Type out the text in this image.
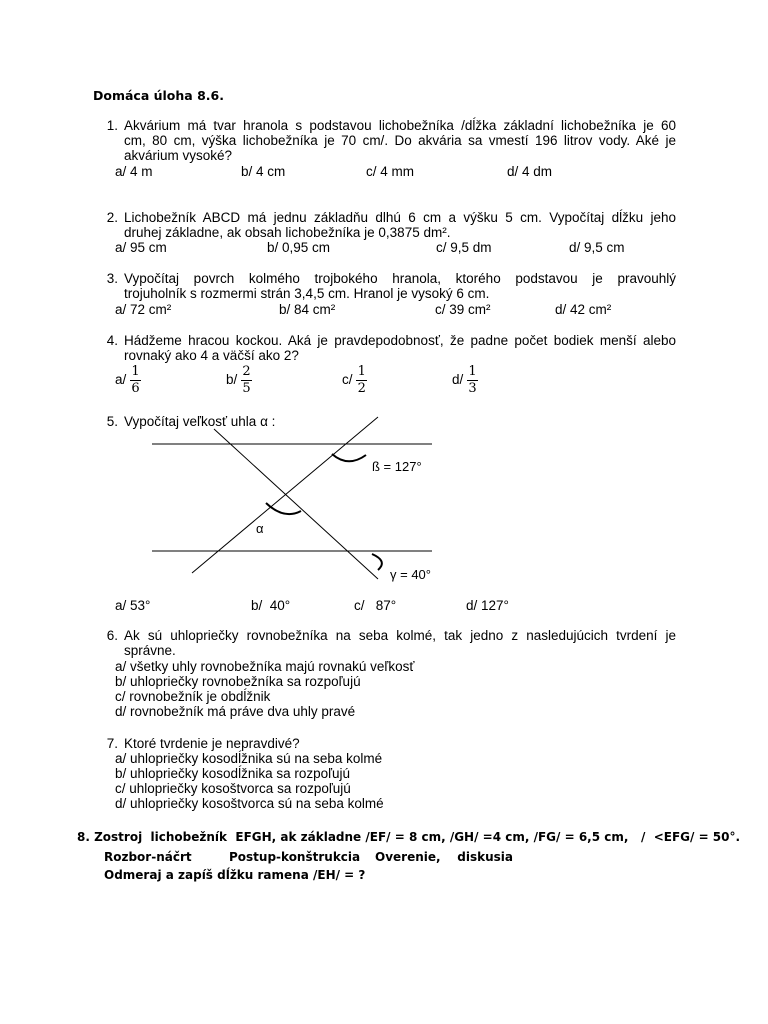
Domáca úloha 8.6.
1. Akvárium má tvar hranola s podstavou lichobežníka /dĺžka základní lichobežníka je 60
cm, 80 cm, výška lichobežníka je 70 cm/. Do akvária sa vmestí 196 litrov vody. Aké je
akvárium vysoké?
a/ 4 m	b/ 4 cm	c/ 4 mm	d/ 4 dm
2. Lichobežník ABCD má jednu základňu dlhú 6 cm a výšku 5 cm. Vypočítaj dĺžku jeho
druhej základne, ak obsah lichobežníka je 0,3875 dm².
a/ 95 cm	b/ 0,95 cm	c/ 9,5 dm	d/ 9,5 cm
3. Vypočítaj povrch kolmého trojbokého hranola, ktorého podstavou je pravouhlý
trojuholník s rozmermi strán 3,4,5 cm. Hranol je vysoký 6 cm.
a/ 72 cm²	b/ 84 cm²	c/ 39 cm²	d/ 42 cm²
4. Hádžeme hracou kockou. Aká je pravdepodobnosť, že padne počet bodiek menší alebo
rovnaký ako 4 a väčší ako 2?
$a/ \frac{1}{6}$	$b/ \frac{2}{5}$	$c/ \frac{1}{2}$	$d/ \frac{1}{3}$
5. Vypočítaj veľkosť uhla α :
ß = 127°
α
γ = 40°
a/ 53°	b/  40°	c/   87°	d/ 127°
6. Ak sú uhlopriečky rovnobežníka na seba kolmé, tak jedno z nasledujúcich tvrdení je
správne.
a/ všetky uhly rovnobežníka majú rovnakú veľkosť
b/ uhlopriečky rovnobežníka sa rozpoľujú
c/ rovnobežník je obdĺžnik
d/ rovnobežník má práve dva uhly pravé
7. Ktoré tvrdenie je nepravdivé?
a/ uhlopriečky kosodĺžnika sú na seba kolmé
b/ uhlopriečky kosodĺžnika sa rozpoľujú
c/ uhlopriečky kosoštvorca sa rozpoľujú
d/ uhlopriečky kosoštvorca sú na seba kolmé
8. Zostroj  lichobežník  EFGH, ak základne /EF/ = 8 cm, /GH/ =4 cm, /FG/ = 6,5 cm,   /  <EFG/ = 50°.
Rozbor-náčrt	Postup-konštrukcia Overenie,    diskusia
Odmeraj a zapíš dĺžku ramena /EH/ = ?
